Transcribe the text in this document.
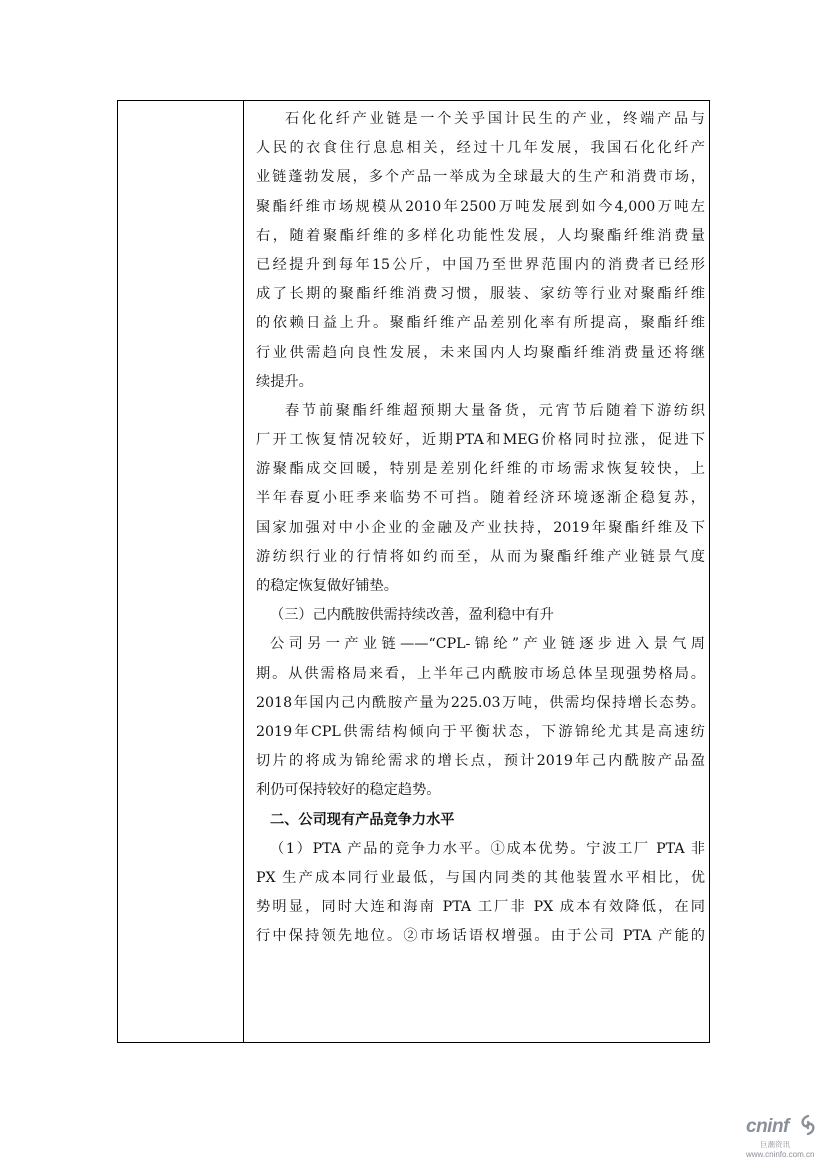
石化化纤产业链是一个关乎国计民生的产业，终端产品与
人民的衣食住行息息相关，经过十几年发展，我国石化化纤产
业链蓬勃发展，多个产品一举成为全球最大的生产和消费市场，
聚酯纤维市场规模从2010年2500万吨发展到如今4,000万吨左
右，随着聚酯纤维的多样化功能性发展，人均聚酯纤维消费量
已经提升到每年15公斤，中国乃至世界范围内的消费者已经形
成了长期的聚酯纤维消费习惯，服装、家纺等行业对聚酯纤维
的依赖日益上升。聚酯纤维产品差别化率有所提高，聚酯纤维
行业供需趋向良性发展，未来国内人均聚酯纤维消费量还将继
续提升。
春节前聚酯纤维超预期大量备货，元宵节后随着下游纺织
厂开工恢复情况较好，近期PTA和MEG价格同时拉涨，促进下
游聚酯成交回暖，特别是差别化纤维的市场需求恢复较快，上
半年春夏小旺季来临势不可挡。随着经济环境逐渐企稳复苏，
国家加强对中小企业的金融及产业扶持，2019年聚酯纤维及下
游纺织行业的行情将如约而至，从而为聚酯纤维产业链景气度
的稳定恢复做好铺垫。
（三）己内酰胺供需持续改善，盈利稳中有升
公司另一产业链——“CPL-锦纶”产业链逐步进入景气周
期。从供需格局来看，上半年己内酰胺市场总体呈现强势格局。
2018年国内己内酰胺产量为225.03万吨，供需均保持增长态势。
2019年CPL供需结构倾向于平衡状态，下游锦纶尤其是高速纺
切片的将成为锦纶需求的增长点，预计2019年己内酰胺产品盈
利仍可保持较好的稳定趋势。
二、公司现有产品竞争力水平
（1）PTA 产品的竞争力水平。①成本优势。宁波工厂 PTA 非
PX 生产成本同行业最低，与国内同类的其他装置水平相比，优
势明显，同时大连和海南 PTA 工厂非 PX 成本有效降低，在同
行中保持领先地位。②市场话语权增强。由于公司 PTA 产能的
cninf
巨潮资讯
www.cninfo.com.cn
